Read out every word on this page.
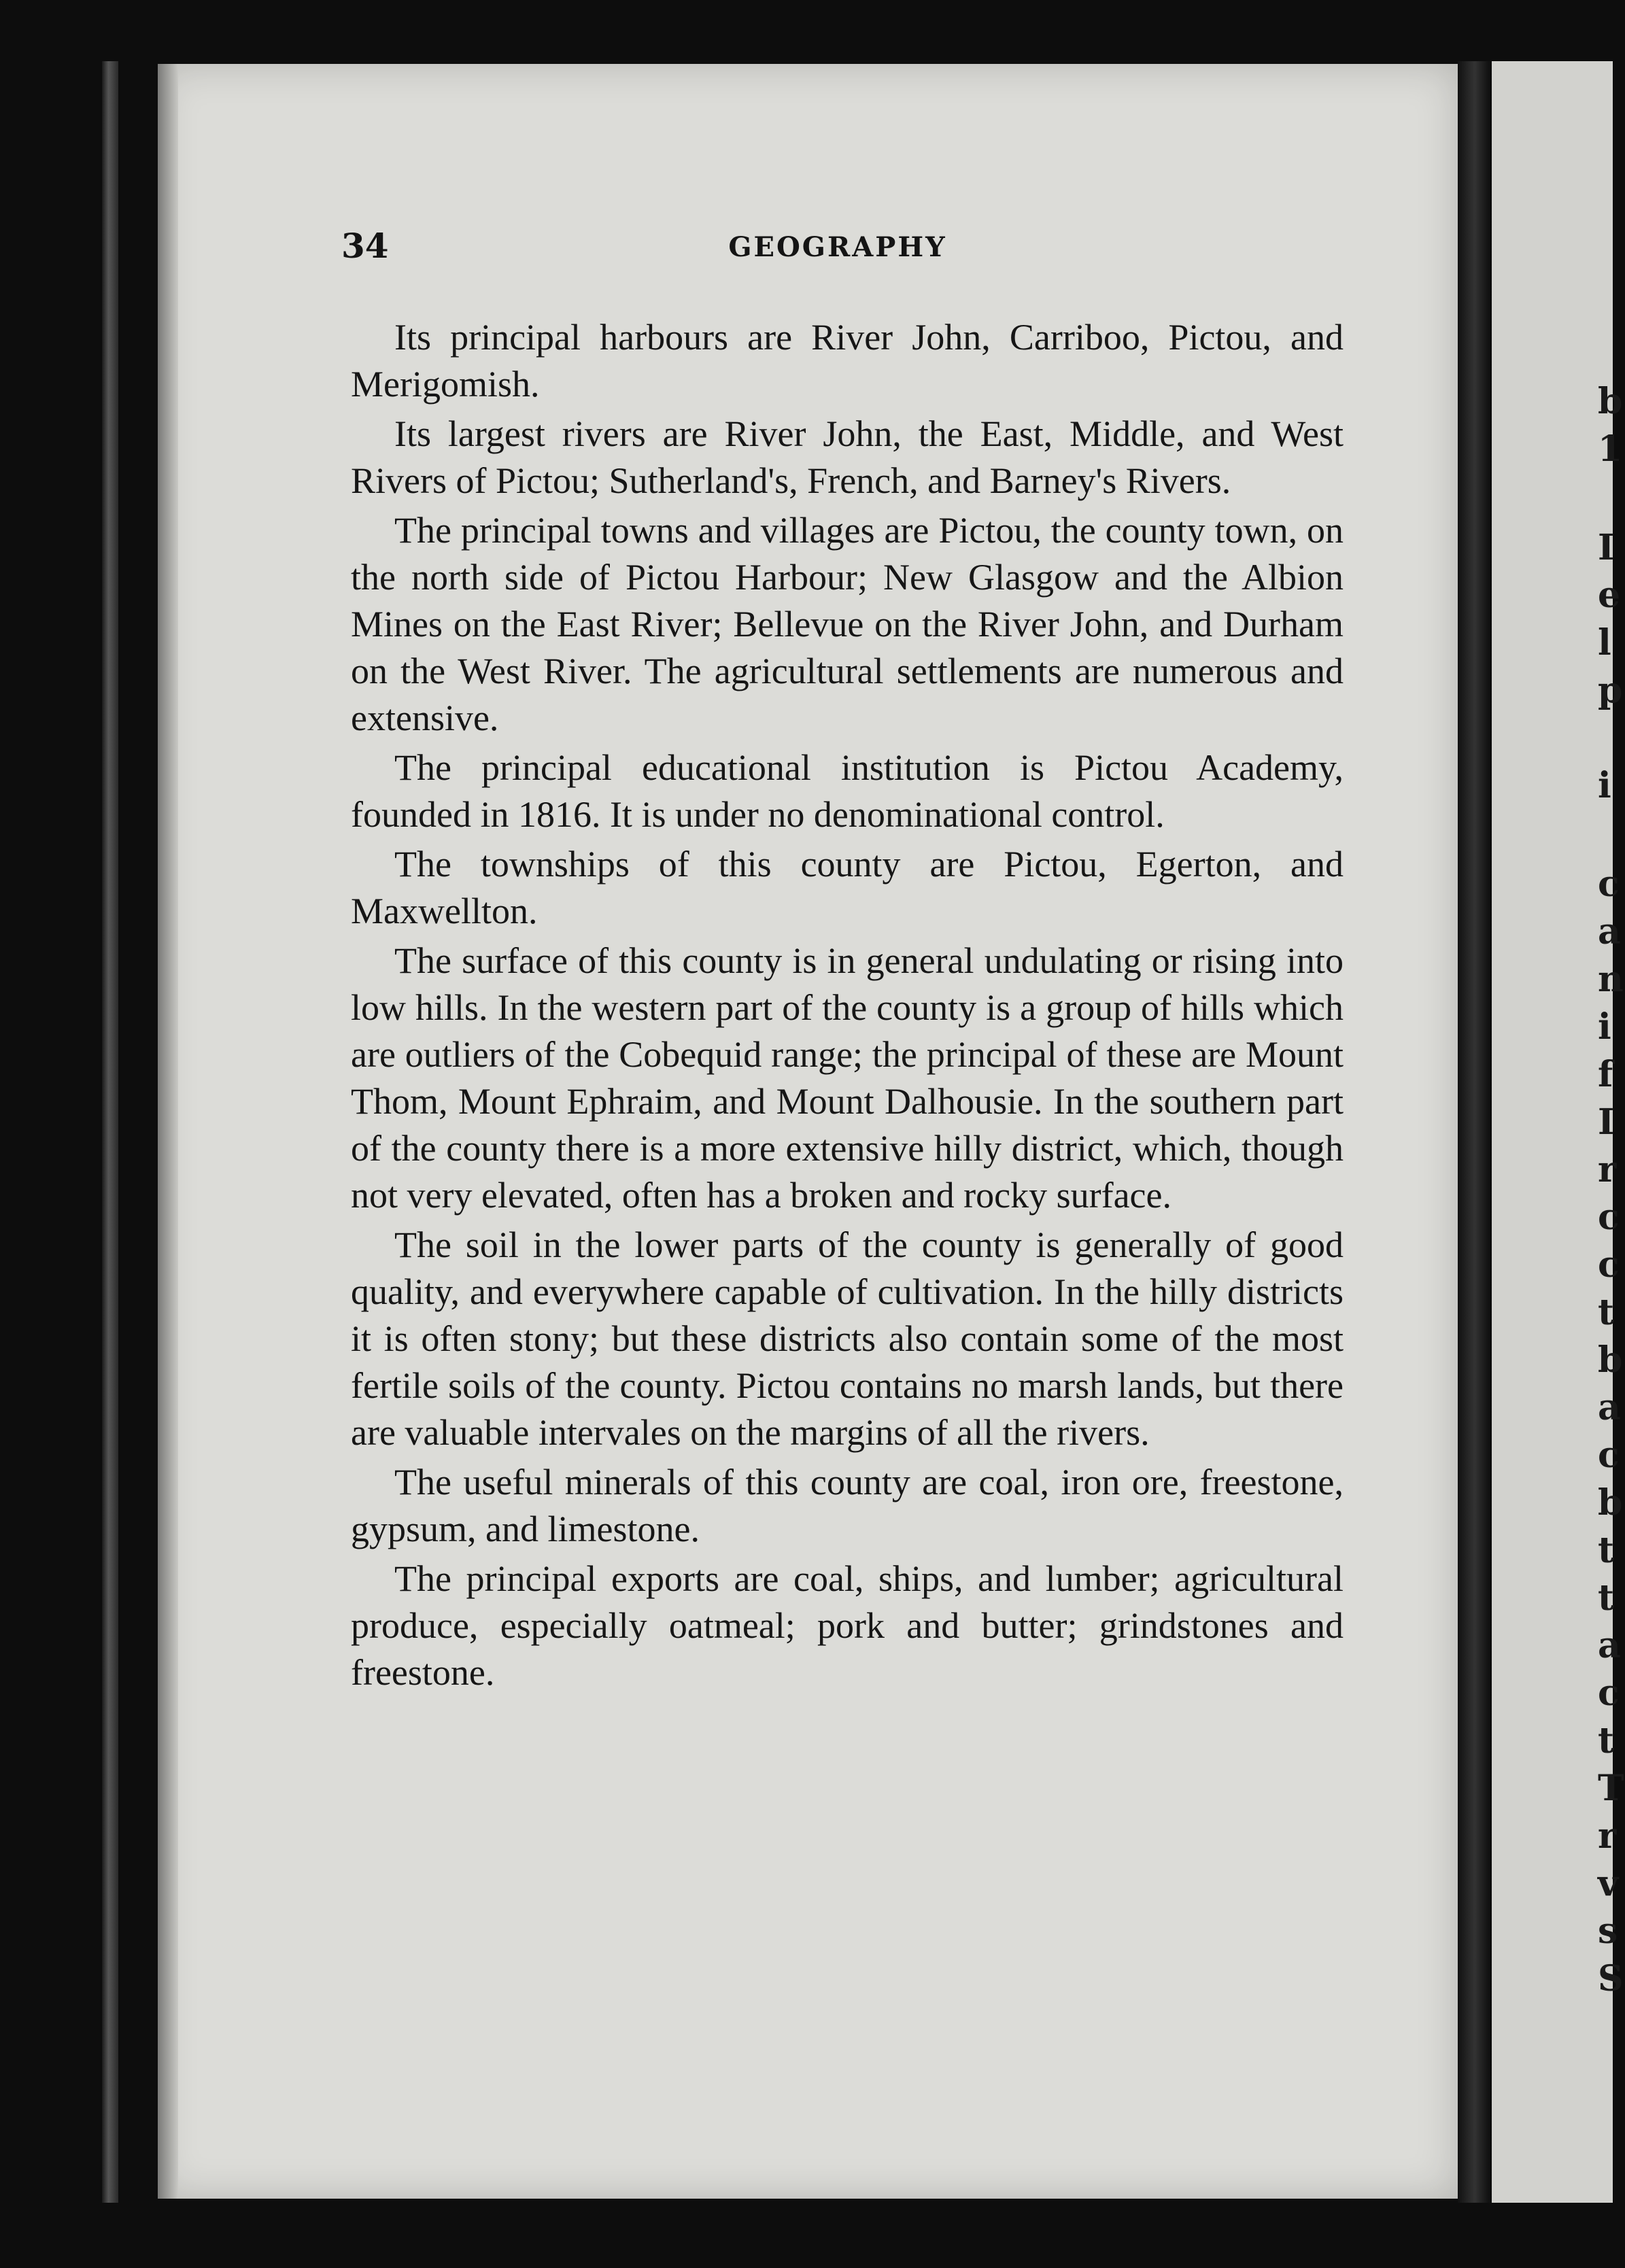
b
1
I
e
l
p
i
c
a
n
i
f
I
r
c
c
t
b
a
c
b
t
t
a
c
t
T
r
v
s
S
34	GEOGRAPHY

Its principal harbours are River John, Carriboo, Pictou, and Merigomish.

Its largest rivers are River John, the East, Middle, and West Rivers of Pictou; Sutherland's, French, and Barney's Rivers.

The principal towns and villages are Pictou, the county town, on the north side of Pictou Harbour; New Glasgow and the Albion Mines on the East River; Bellevue on the River John, and Durham on the West River. The agricultural settlements are numerous and extensive.

The principal educational institution is Pictou Academy, founded in 1816. It is under no denominational control.

The townships of this county are Pictou, Egerton, and Maxwellton.

The surface of this county is in general undulating or rising into low hills. In the western part of the county is a group of hills which are outliers of the Cobequid range; the principal of these are Mount Thom, Mount Ephraim, and Mount Dalhousie. In the southern part of the county there is a more extensive hilly district, which, though not very elevated, often has a broken and rocky surface.

The soil in the lower parts of the county is generally of good quality, and everywhere capable of cultivation. In the hilly districts it is often stony; but these districts also contain some of the most fertile soils of the county. Pictou contains no marsh lands, but there are valuable intervales on the margins of all the rivers.

The useful minerals of this county are coal, iron ore, freestone, gypsum, and limestone.

The principal exports are coal, ships, and lumber; agricultural produce, especially oatmeal; pork and butter; grindstones and freestone.
